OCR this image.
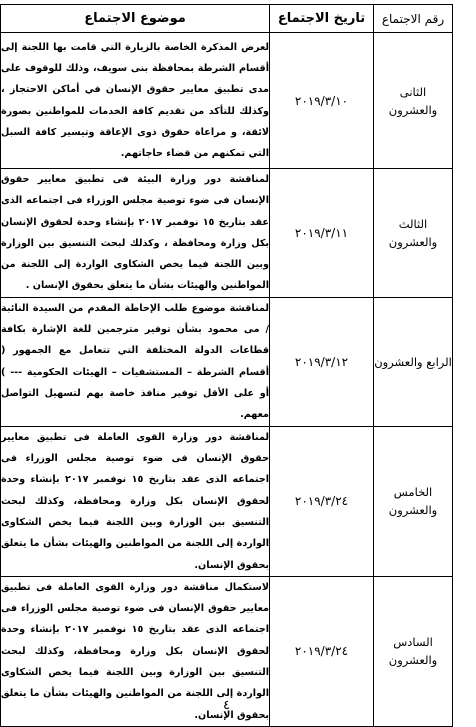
رقم الاجتماع	تاريخ الاجتماع	موضوع الاجتماع
الثانى والعشرون	٢٠١٩/٣/١٠	لعرض المذكرة الخاصة بالزيارة التي قامت بها اللجنة إلى أقسام الشرطة بمحافظة بنى سويف، وذلك للوقوف على مدى تطبيق معايير حقوق الإنسان في أماكن الاحتجاز ، وكذلك للتأكد من تقديم كافة الخدمات للمواطنين بصورة لائقة، و مراعاة حقوق ذوى الإعاقة وتيسير كافة السبل التي تمكنهم من قضاء حاجاتهم.
الثالث والعشرون	٢٠١٩/٣/١١	لمناقشة دور وزارة البيئة فى تطبيق معايير حقوق الإنسان فى ضوء توصية مجلس الوزراء فى اجتماعه الذى عقد بتاريخ ١٥ نوفمبر ٢٠١٧ بإنشاء وحدة لحقوق الإنسان بكل وزارة ومحافظة ، وكذلك لبحث التنسيق بين الوزارة وبين اللجنة فيما يخص الشكاوى الواردة إلى اللجنة من المواطنين والهيئات بشأن ما يتعلق بحقوق الإنسان .
الرابع والعشرون	٢٠١٩/٣/١٢	لمناقشة موضوع طلب الإحاطة المقدم من السيدة النائبة / مى محمود بشأن توفير مترجمين للغة الإشارة بكافة قطاعات الدولة المختلفة التي تتعامل مع الجمهور ( أقسام الشرطة – المستشفيات – الهيئات الحكومية --- ) أو على الأقل توفير منافذ خاصة بهم لتسهيل التواصل معهم.
الخامس والعشرون	٢٠١٩/٣/٢٤	لمناقشة دور وزارة القوى العاملة فى تطبيق معايير حقوق الإنسان فى ضوء توصية مجلس الوزراء فى اجتماعه الذى عقد بتاريخ ١٥ نوفمبر ٢٠١٧ بإنشاء وحدة لحقوق الإنسان بكل وزارة ومحافظة، وكذلك لبحث التنسيق بين الوزارة وبين اللجنة فيما يخص الشكاوى الواردة إلى اللجنة من المواطنين والهيئات بشأن ما يتعلق بحقوق الإنسان.
السادس والعشرون	٢٠١٩/٣/٢٤	لاستكمال مناقشة دور وزارة القوى العاملة فى تطبيق معايير حقوق الإنسان فى ضوء توصية مجلس الوزراء فى اجتماعه الذى عقد بتاريخ ١٥ نوفمبر ٢٠١٧ بإنشاء وحدة لحقوق الإنسان بكل وزارة ومحافظة، وكذلك لبحث التنسيق بين الوزارة وبين اللجنة فيما يخص الشكاوى الواردة إلى اللجنة من المواطنين والهيئات بشأن ما يتعلق بحقوق الإنسان.
٤
